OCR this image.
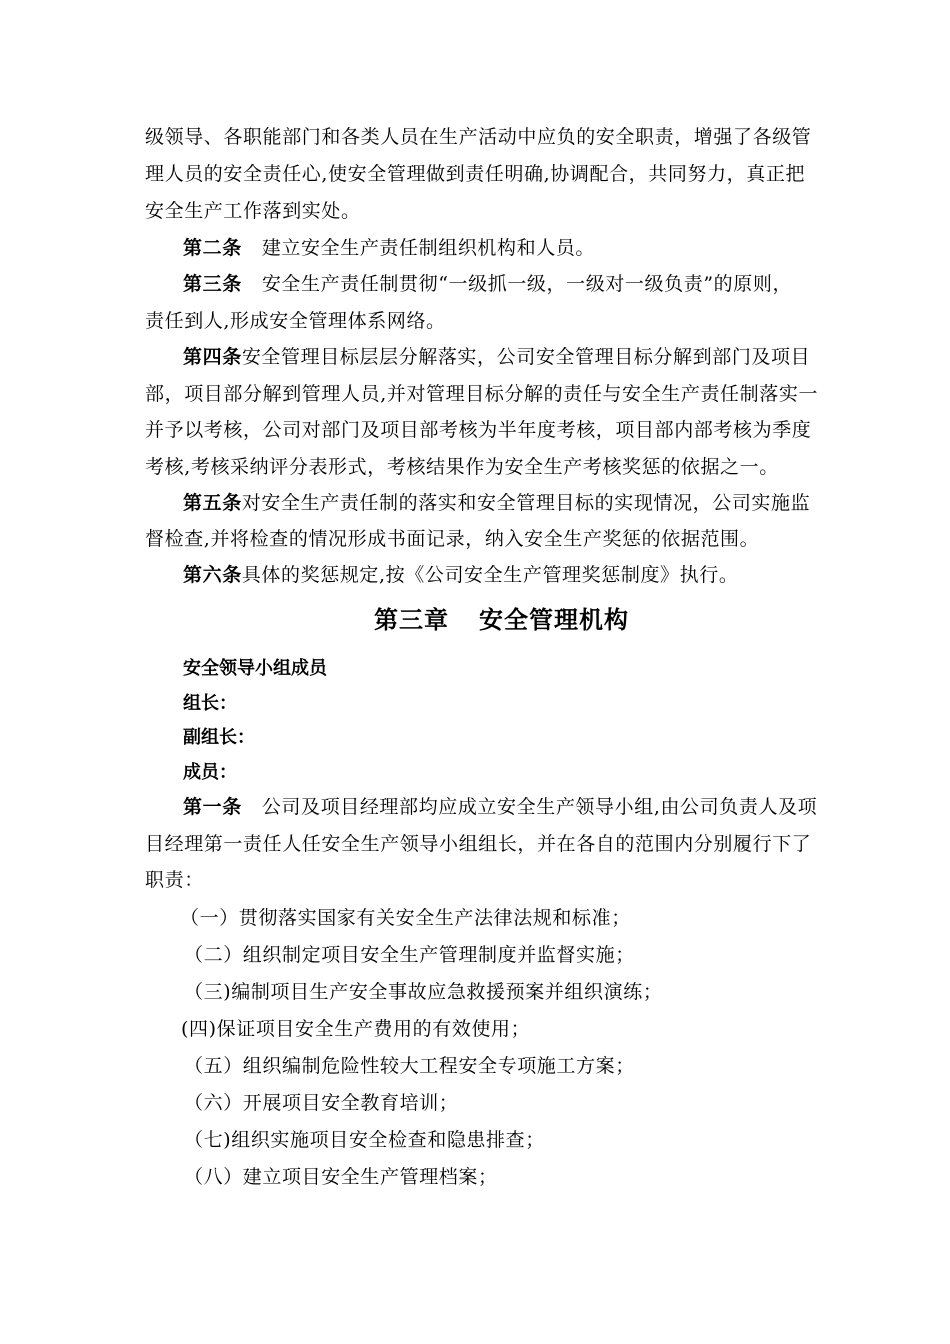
级领导、各职能部门和各类人员在生产活动中应负的安全职责，增强了各级管
理人员的安全责任心,使安全管理做到责任明确,协调配合，共同努力，真正把
安全生产工作落到实处。
第二条 建立安全生产责任制组织机构和人员。
第三条 安全生产责任制贯彻“一级抓一级，一级对一级负责”的原则，
责任到人,形成安全管理体系网络。
第四条安全管理目标层层分解落实，公司安全管理目标分解到部门及项目
部，项目部分解到管理人员,并对管理目标分解的责任与安全生产责任制落实一
并予以考核，公司对部门及项目部考核为半年度考核，项目部内部考核为季度
考核,考核采纳评分表形式，考核结果作为安全生产考核奖惩的依据之一。
第五条对安全生产责任制的落实和安全管理目标的实现情况，公司实施监
督检查,并将检查的情况形成书面记录，纳入安全生产奖惩的依据范围。
第六条具体的奖惩规定,按《公司安全生产管理奖惩制度》执行。
第三章 安全管理机构
安全领导小组成员
组长：
副组长：
成员：
第一条 公司及项目经理部均应成立安全生产领导小组,由公司负责人及项
目经理第一责任人任安全生产领导小组组长，并在各自的范围内分别履行下了
职责：
（一）贯彻落实国家有关安全生产法律法规和标准；
（二）组织制定项目安全生产管理制度并监督实施；
（三)编制项目生产安全事故应急救援预案并组织演练；
(四)保证项目安全生产费用的有效使用；
（五）组织编制危险性较大工程安全专项施工方案；
（六）开展项目安全教育培训；
（七)组织实施项目安全检查和隐患排查；
（八）建立项目安全生产管理档案；
